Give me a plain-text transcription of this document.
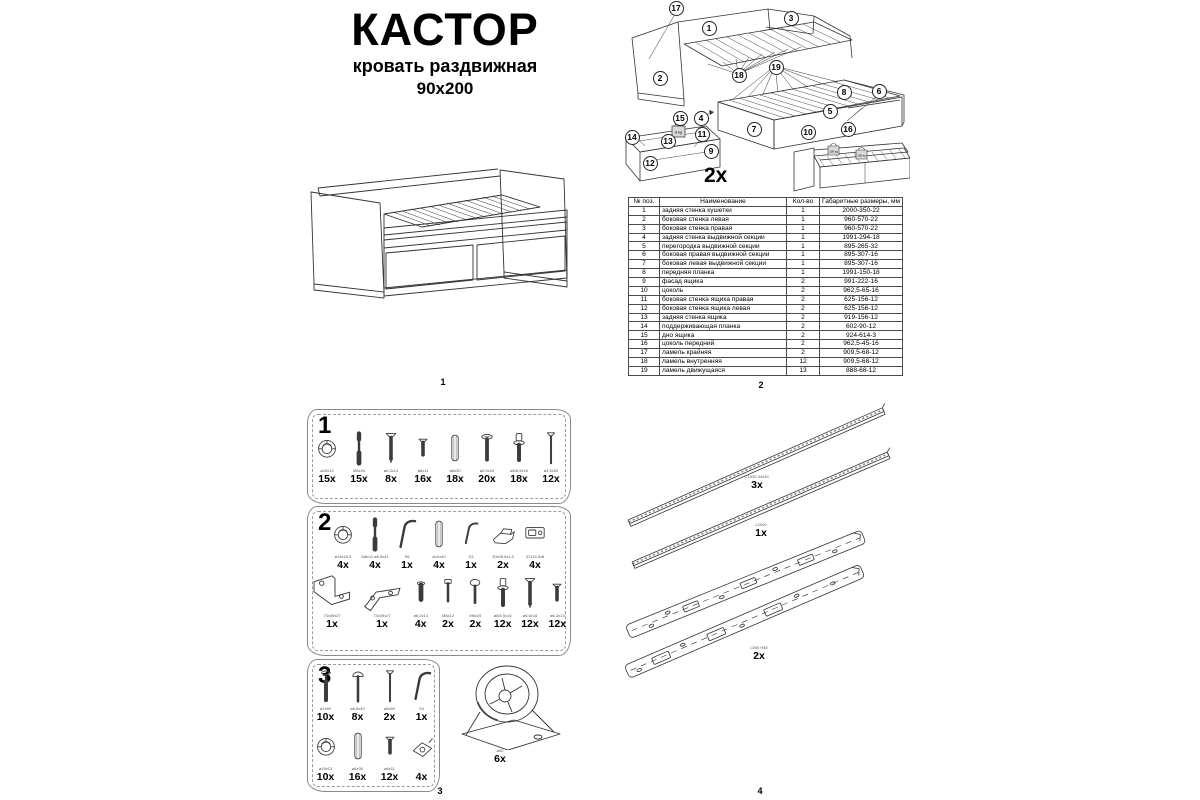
КАСТОР
кровать раздвижная
90x200
1
8 kg
100 kg
100 kg
17
3
1
2	18
19
4
15
8	6
5
7	10	16
14	13
11
9
12
2x
№ поз.	Наименование	Кол-во	Габаритные размеры, мм
1	задняя стенка кушетки	1	2000-350-22
2	боковая стенка левая	1	960-570-22
3	боковая стенка правая	1	960-570-22
4	задняя стенка выдвижной секции	1	1991-294-18
5	перегородка выдвижной секции	1	895-265-32
6	боковая правая выдвижной секции	1	895-307-16
7	боковая левая выдвижной секции	1	895-307-16
8	передняя планка	1	1991-150-18
9	фасад ящика	2	991-222-16
10	цоколь	2	962,5-65-16
11	боковая стенка ящика правая	2	625-156-12
12	боковая стенка ящика левая	2	625-156-12
13	задняя стенка ящика	2	919-156-12
14	поддерживающая планка	2	602-90-12
15	дно ящика	2	924-614-3
16	цоколь передний	2	962,5-45-16
17	ламель крайняя	2	909,5-68-12
18	ламель внутренняя	12	909,5-68-12
19	ламель движущаяся	13	888-68-12
2
1
ø15x12
15x
M6x34
15x
ø6,3x13
8x
ø6x11
16x
ø6x30
18x
ø6,5x15
20x
ø8/6,5x16
18x
ø4,5x50
12x
2
ø15x16,5
4x
M6x11 ø6,5x41
4x
S6
1x
ø10x40
4x
S3
1x
30x28,5x1,5
2x
37x15,5x8
4x
73x39x27
1x
73x39x27
1x
ø6,2x13
4x
M6x12
2x
M6x25
2x
ø8/6,5x16
12x
ø6,5x16
12x
ø6,3x13
12x
3
ø7x50
10x
ø6,8x40
8x
ø5x50
2x
S4
1x
ø15x13
10x
ø6x30
16x
ø6x11
12x 4x
ø50
6x
3
L1930 34x39
3x
L2000
1x
L500 H45
2x
4
